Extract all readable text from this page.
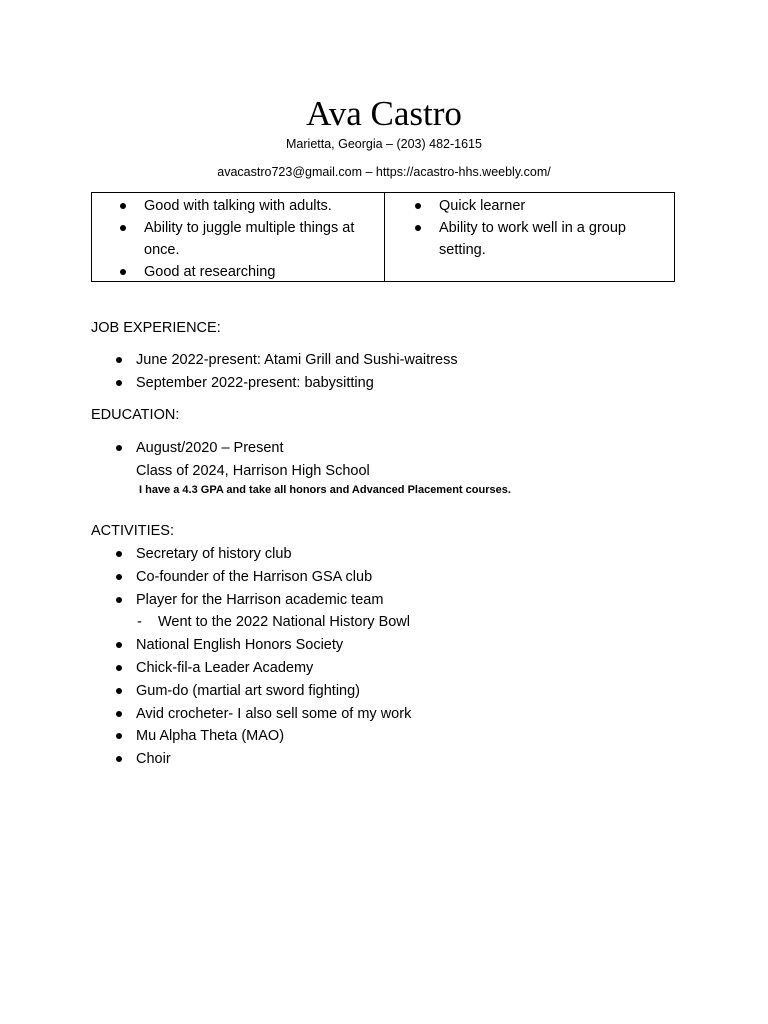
Ava Castro
Marietta, Georgia – (203) 482-1615
avacastro723@gmail.com – https://acastro-hhs.weebly.com/
Good with talking with adults.
Ability to juggle multiple things at once.
Good at researching
Quick learner
Ability to work well in a group setting.
JOB EXPERIENCE:
June 2022-present: Atami Grill and Sushi-waitress
September 2022-present: babysitting
EDUCATION:
August/2020 – Present
Class of 2024, Harrison High School
I have a 4.3 GPA and take all honors and Advanced Placement courses.
ACTIVITIES:
Secretary of history club
Co-founder of the Harrison GSA club
Player for the Harrison academic team
- Went to the 2022 National History Bowl
National English Honors Society
Chick-fil-a Leader Academy
Gum-do (martial art sword fighting)
Avid crocheter- I also sell some of my work
Mu Alpha Theta (MAO)
Choir
